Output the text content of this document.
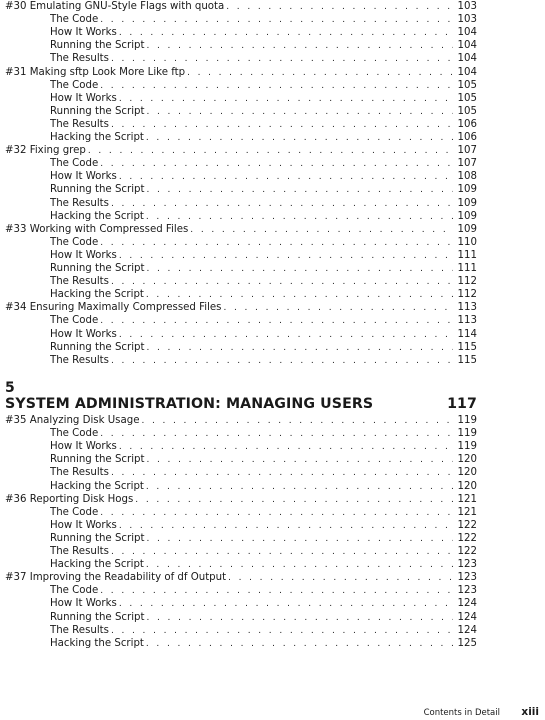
#30 Emulating GNU-Style Flags with quota . . .	103
The Code . . .	103
How It Works . . .	104
Running the Script . . .	104
The Results . . .	104
#31 Making sftp Look More Like ftp . . .	104
The Code . . .	105
How It Works . . .	105
Running the Script . . .	105
The Results . . .	106
Hacking the Script . . .	106
#32 Fixing grep . . .	107
The Code . . .	107
How It Works . . .	108
Running the Script . . .	109
The Results . . .	109
Hacking the Script . . .	109
#33 Working with Compressed Files . . .	109
The Code . . .	110
How It Works . . .	111
Running the Script . . .	111
The Results . . .	112
Hacking the Script . . .	112
#34 Ensuring Maximally Compressed Files . . .	113
The Code . . .	113
How It Works . . .	114
Running the Script . . .	115
The Results . . .	115
5
SYSTEM ADMINISTRATION: MANAGING USERS	117
#35 Analyzing Disk Usage . . .	119
The Code . . .	119
How It Works . . .	119
Running the Script . . .	120
The Results . . .	120
Hacking the Script . . .	120
#36 Reporting Disk Hogs . . .	121
The Code . . .	121
How It Works . . .	122
Running the Script . . .	122
The Results . . .	122
Hacking the Script . . .	123
#37 Improving the Readability of df Output . . .	123
The Code . . .	123
How It Works . . .	124
Running the Script . . .	124
The Results . . .	124
Hacking the Script . . .	125
Contents in Detail xiii
